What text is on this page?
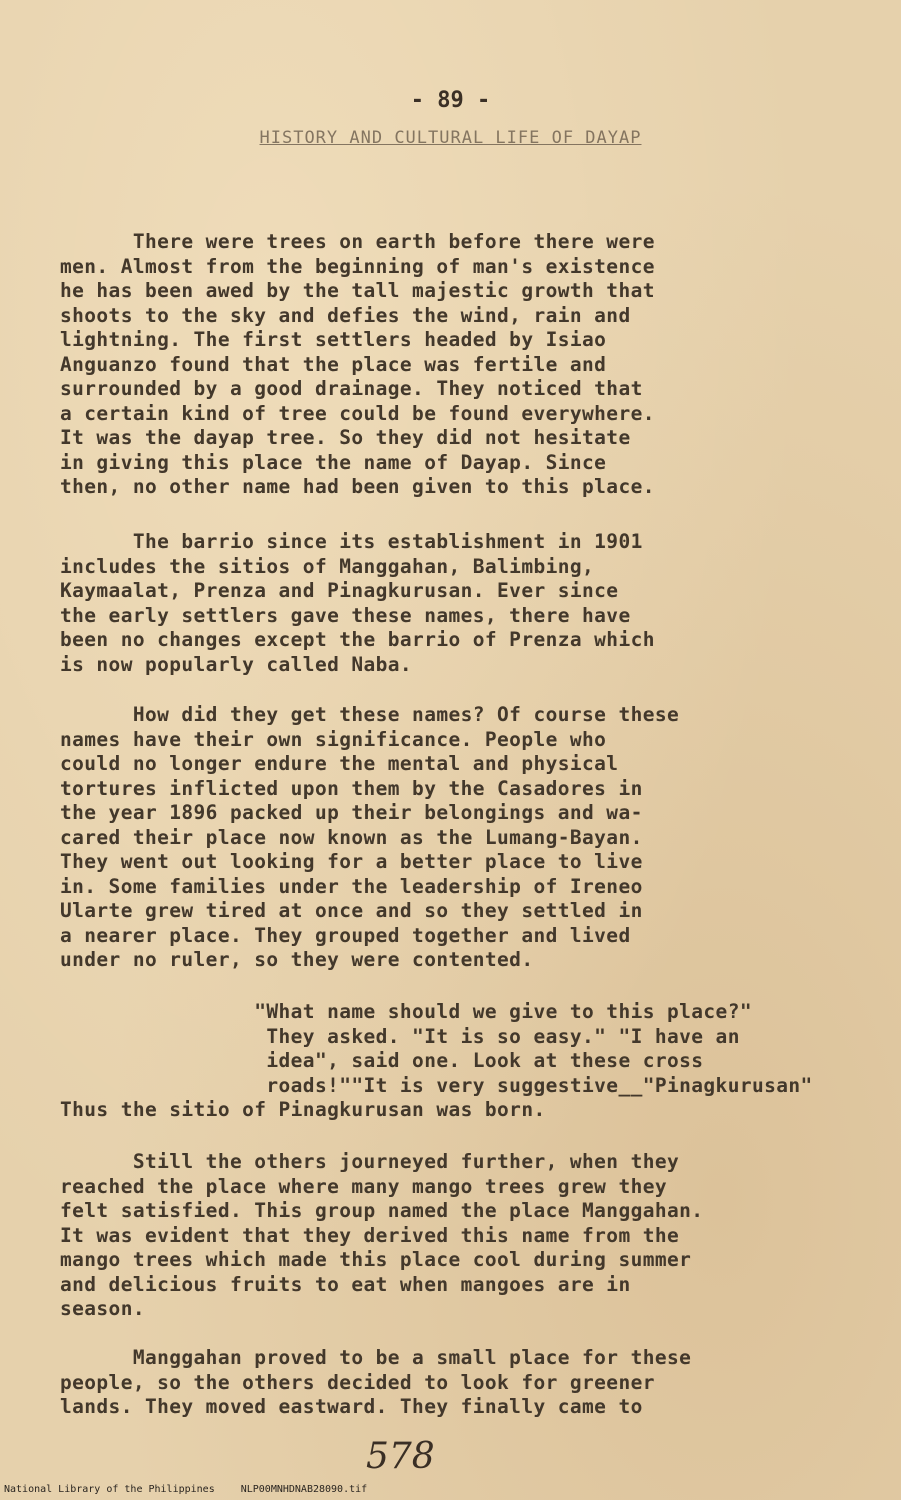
- 89 -
HISTORY AND CULTURAL LIFE OF DAYAP
There were trees on earth before there were
men. Almost from the beginning of man's existence
he has been awed by the tall majestic growth that
shoots to the sky and defies the wind, rain and
lightning. The first settlers headed by Isiao
Anguanzo found that the place was fertile and
surrounded by a good drainage. They noticed that
a certain kind of tree could be found everywhere.
It was the dayap tree. So they did not hesitate
in giving this place the name of Dayap. Since
then, no other name had been given to this place.
The barrio since its establishment in 1901
includes the sitios of Manggahan, Balimbing,
Kaymaalat, Prenza and Pinagkurusan. Ever since
the early settlers gave these names, there have
been no changes except the barrio of Prenza which
is now popularly called Naba.
How did they get these names? Of course these
names have their own significance. People who
could no longer endure the mental and physical
tortures inflicted upon them by the Casadores in
the year 1896 packed up their belongings and wa-
cared their place now known as the Lumang-Bayan.
They went out looking for a better place to live
in. Some families under the leadership of Ireneo
Ularte grew tired at once and so they settled in
a nearer place. They grouped together and lived
under no ruler, so they were contented.
"What name should we give to this place?"
They asked. "It is so easy." "I have an
idea", said one. Look at these cross
roads!""It is very suggestive__"Pinagkurusan"
Thus the sitio of Pinagkurusan was born.
Still the others journeyed further, when they
reached the place where many mango trees grew they
felt satisfied. This group named the place Manggahan.
It was evident that they derived this name from the
mango trees which made this place cool during summer
and delicious fruits to eat when mangoes are in
season.
Manggahan proved to be a small place for these
people, so the others decided to look for greener
lands. They moved eastward. They finally came to
578
National Library of the Philippines	NLP00MNHDNAB28090.tif
